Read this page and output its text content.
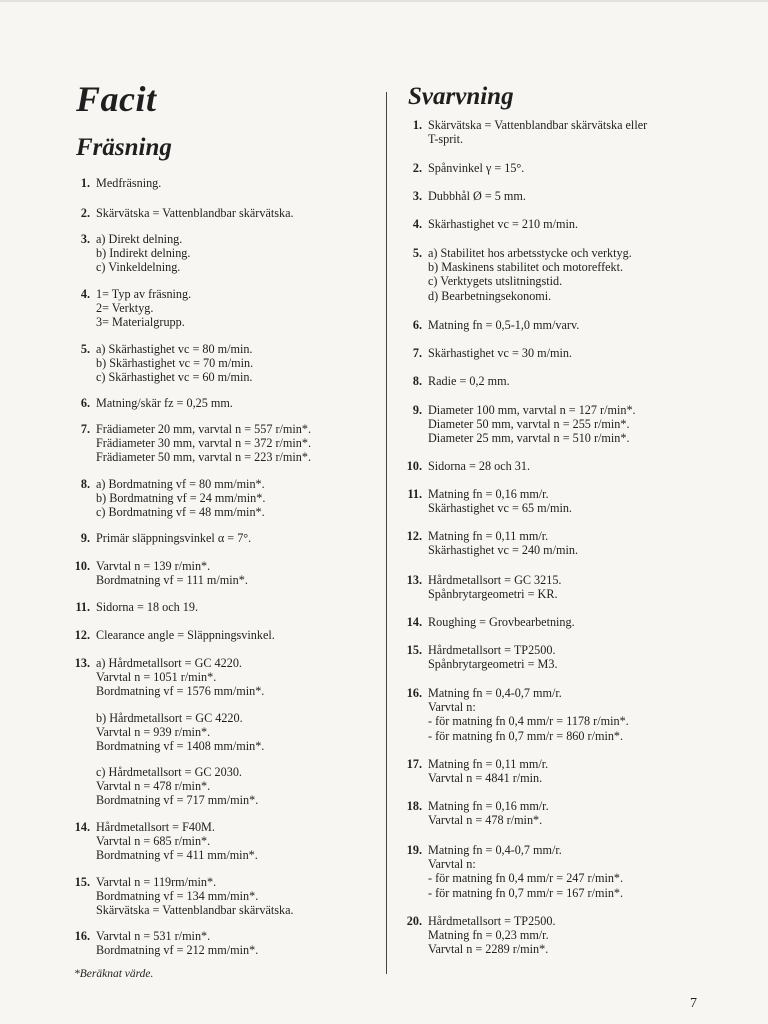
Facit
Fräsning
Svarvning
1. Medfräsning.
2. Skärvätska = Vattenblandbar skärvätska.
3. a) Direkt delning.
b) Indirekt delning.
c) Vinkeldelning.
4. 1= Typ av fräsning.
2= Verktyg.
3= Materialgrupp.
5. a) Skärhastighet vc = 80 m/min.
b) Skärhastighet vc = 70 m/min.
c) Skärhastighet vc = 60 m/min.
6. Matning/skär fz = 0,25 mm.
7. Frädiameter 20 mm, varvtal n = 557 r/min*.
Frädiameter 30 mm, varvtal n = 372 r/min*.
Frädiameter 50 mm, varvtal n = 223 r/min*.
8. a) Bordmatning vf = 80 mm/min*.
b) Bordmatning vf = 24 mm/min*.
c) Bordmatning vf = 48 mm/min*.
9. Primär släppningsvinkel α = 7°.
10. Varvtal n = 139 r/min*.
Bordmatning vf = 111 m/min*.
11. Sidorna = 18 och 19.
12. Clearance angle = Släppningsvinkel.
13. a) Hårdmetallsort = GC 4220.
Varvtal n = 1051 r/min*.
Bordmatning vf = 1576 mm/min*.
b) Hårdmetallsort = GC 4220.
Varvtal n = 939 r/min*.
Bordmatning vf = 1408 mm/min*.
c) Hårdmetallsort = GC 2030.
Varvtal n = 478 r/min*.
Bordmatning vf = 717 mm/min*.
14. Hårdmetallsort = F40M.
Varvtal n = 685 r/min*.
Bordmatning vf = 411 mm/min*.
15. Varvtal n = 119rm/min*.
Bordmatning vf = 134 mm/min*.
Skärvätska = Vattenblandbar skärvätska.
16. Varvtal n = 531 r/min*.
Bordmatning vf = 212 mm/min*.
1. Skärvätska = Vattenblandbar skärvätska eller
T-sprit.
2. Spånvinkel γ = 15°.
3. Dubbhål Ø = 5 mm.
4. Skärhastighet vc = 210 m/min.
5. a) Stabilitet hos arbetsstycke och verktyg.
b) Maskinens stabilitet och motoreffekt.
c) Verktygets utslitningstid.
d) Bearbetningsekonomi.
6. Matning fn = 0,5-1,0 mm/varv.
7. Skärhastighet vc = 30 m/min.
8. Radie = 0,2 mm.
9. Diameter 100 mm, varvtal n = 127 r/min*.
Diameter 50 mm, varvtal n = 255 r/min*.
Diameter 25 mm, varvtal n = 510 r/min*.
10. Sidorna = 28 och 31.
11. Matning fn = 0,16 mm/r.
Skärhastighet vc = 65 m/min.
12. Matning fn = 0,11 mm/r.
Skärhastighet vc = 240 m/min.
13. Hårdmetallsort = GC 3215.
Spånbrytargeometri = KR.
14. Roughing = Grovbearbetning.
15. Hårdmetallsort = TP2500.
Spånbrytargeometri = M3.
16. Matning fn = 0,4-0,7 mm/r.
Varvtal n:
- för matning fn 0,4 mm/r = 1178 r/min*.
- för matning fn 0,7 mm/r = 860 r/min*.
17. Matning fn = 0,11 mm/r.
Varvtal n = 4841 r/min.
18. Matning fn = 0,16 mm/r.
Varvtal n = 478 r/min*.
19. Matning fn = 0,4-0,7 mm/r.
Varvtal n:
- för matning fn 0,4 mm/r = 247 r/min*.
- för matning fn 0,7 mm/r = 167 r/min*.
20. Hårdmetallsort = TP2500.
Matning fn = 0,23 mm/r.
Varvtal n = 2289 r/min*.
*Beräknat värde.
7
